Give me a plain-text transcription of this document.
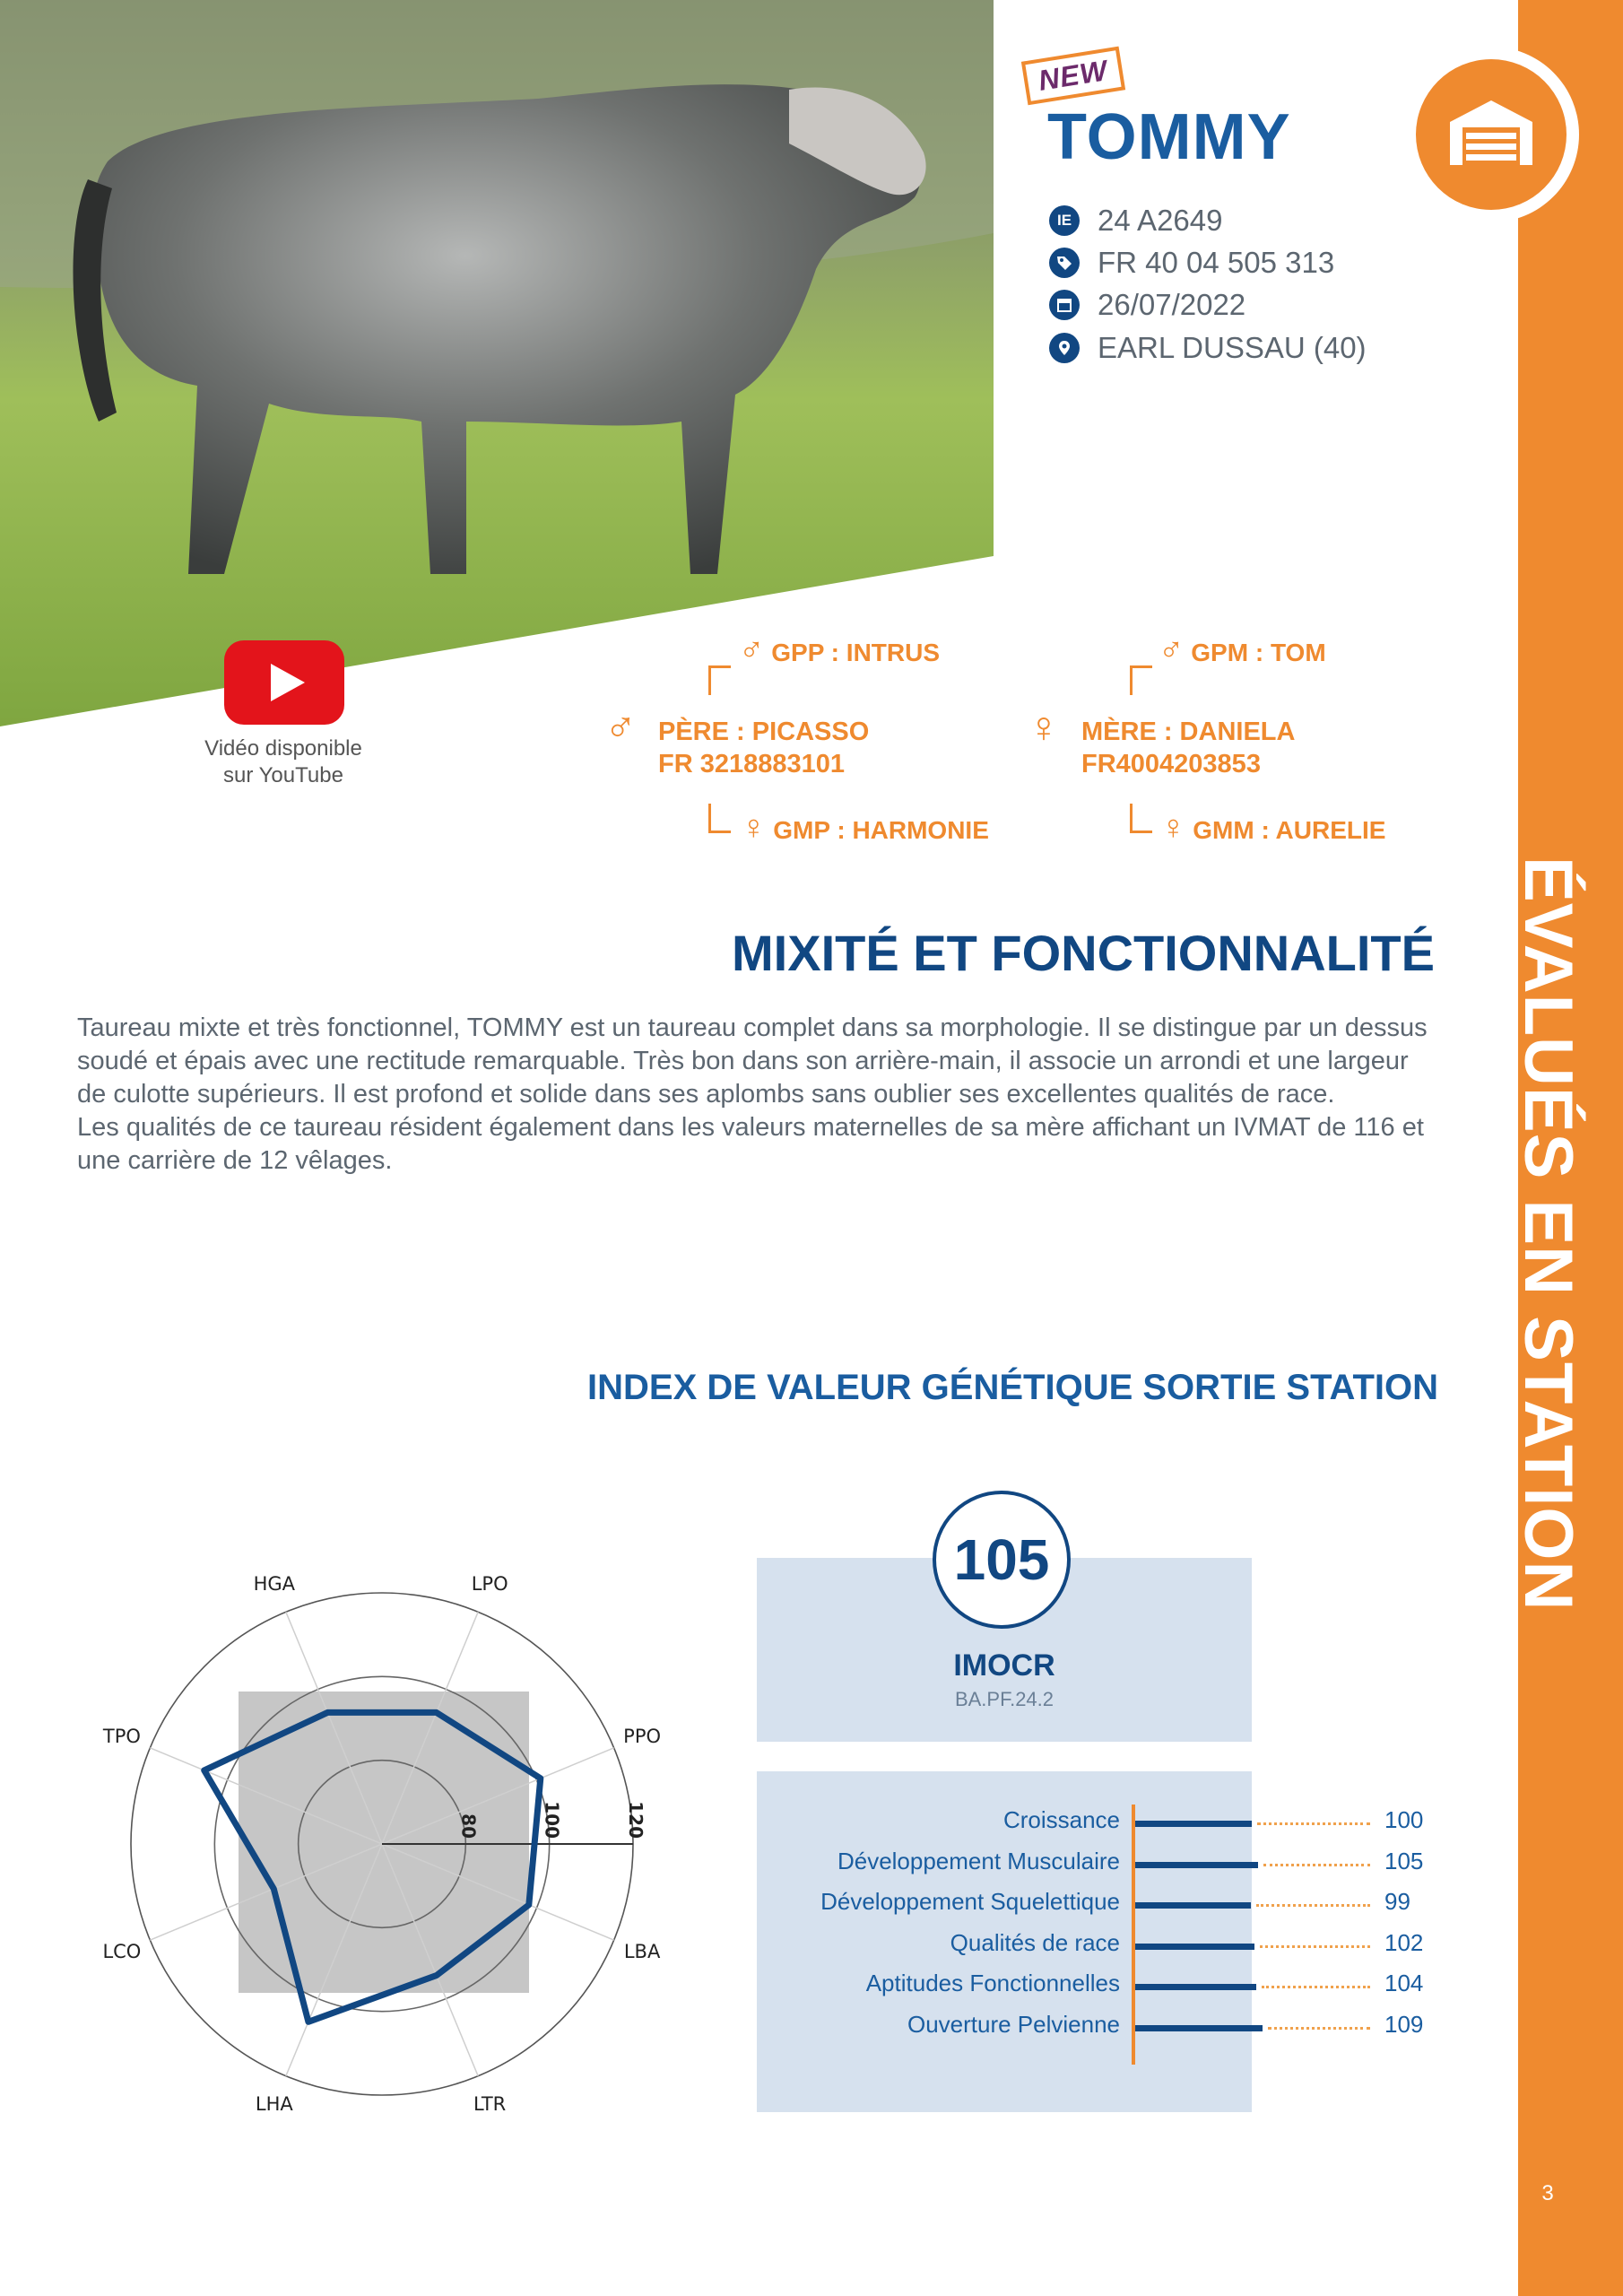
ÉVALUÉS EN STATION
3
NEW
TOMMY
IE 24 A2649
FR 40 04 505 313
26/07/2022
EARL DUSSAU (40)
Vidéo disponible
sur YouTube
♂ GPP : INTRUS
♂ PÈRE : PICASSO
FR 3218883101
♀ GMP : HARMONIE
♂ GPM : TOM
♀ MÈRE : DANIELA
FR4004203853
♀ GMM : AURELIE
MIXITÉ ET FONCTIONNALITÉ
Taureau mixte et très fonctionnel, TOMMY est un taureau complet dans sa morphologie. Il se distingue par un dessus soudé et épais avec une rectitude remarquable. Très bon dans son arrière-main, il associe un arrondi et une largeur de culotte supérieurs. Il est profond et solide dans ses aplombs sans oublier ses excellentes qualités de race.
Les qualités de ce taureau résident également dans les valeurs maternelles de sa mère affichant un IVMAT de 116 et une carrière de 12 vêlages.
INDEX DE VALEUR GÉNÉTIQUE SORTIE STATION
LPO
PPO
LBA
LTR
LHA
LCO
TPO
HGA
80	100	120
105
IMOCR
BA.PF.24.2
Croissance	100
Développement Musculaire	105
Développement Squelettique	99
Qualités de race	102
Aptitudes Fonctionnelles	104
Ouverture Pelvienne	109
